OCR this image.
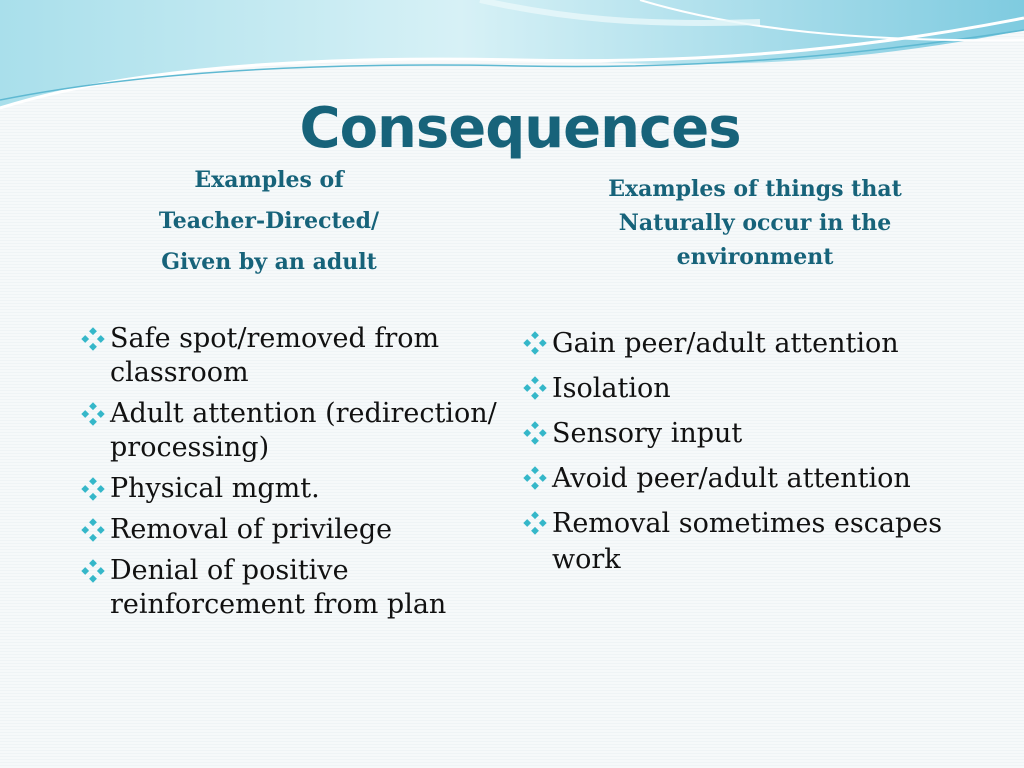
Consequences
Examples of
Teacher-Directed/
Given by an adult
Examples of things that
Naturally occur in the
environment
Safe spot/removed from classroom
Adult attention (redirection/ processing)
Physical mgmt.
Removal of privilege
Denial of positive reinforcement from plan
Gain peer/adult attention
Isolation
Sensory input
Avoid peer/adult attention
Removal sometimes escapes work
